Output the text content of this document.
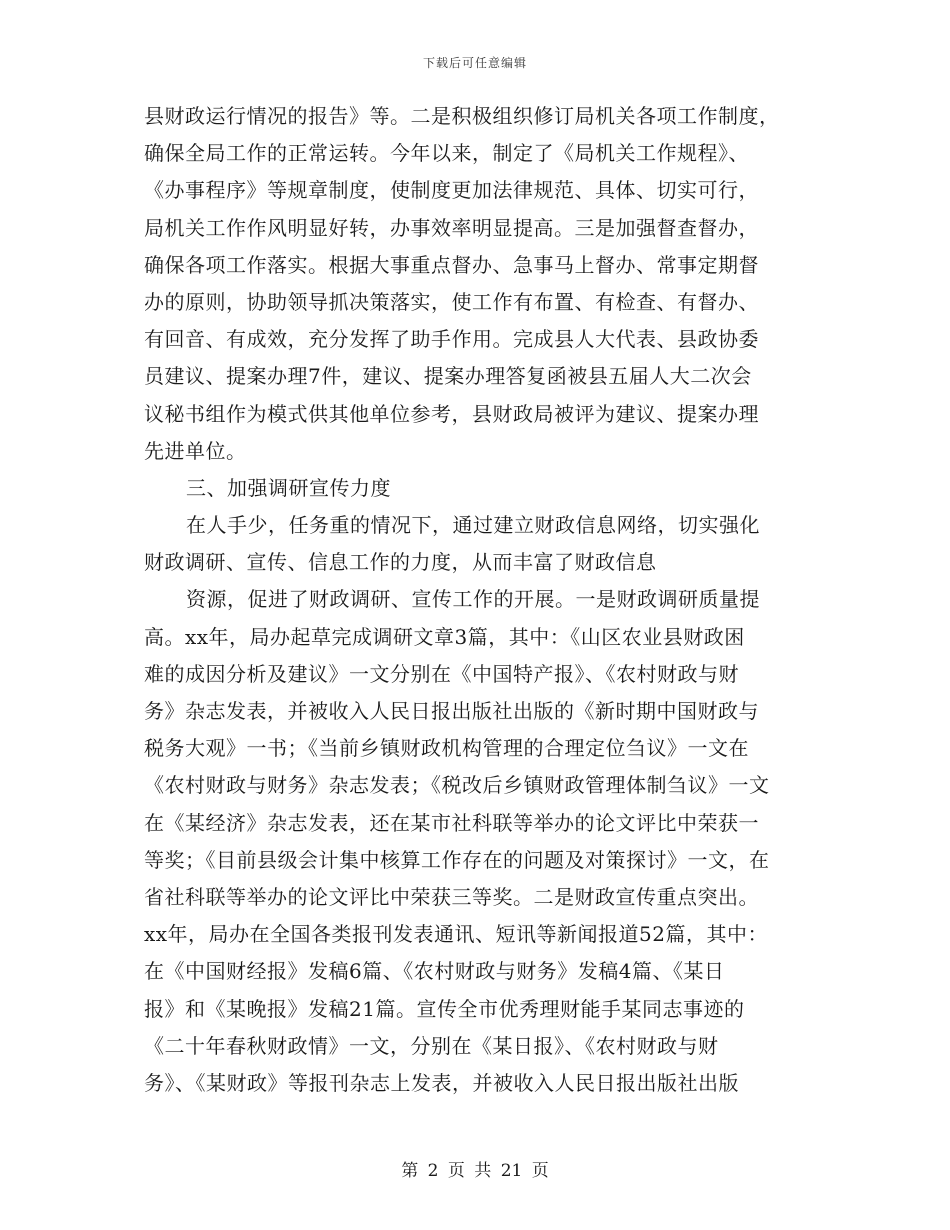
下载后可任意编辑
县财政运行情况的报告》等。二是积极组织修订局机关各项工作制度，
确保全局工作的正常运转。今年以来，制定了《局机关工作规程》、
《办事程序》等规章制度，使制度更加法律规范、具体、切实可行，
局机关工作作风明显好转，办事效率明显提高。三是加强督查督办，
确保各项工作落实。根据大事重点督办、急事马上督办、常事定期督
办的原则，协助领导抓决策落实，使工作有布置、有检查、有督办、
有回音、有成效，充分发挥了助手作用。完成县人大代表、县政协委
员建议、提案办理7件，建议、提案办理答复函被县五届人大二次会
议秘书组作为模式供其他单位参考，县财政局被评为建议、提案办理
先进单位。
三、加强调研宣传力度
在人手少，任务重的情况下，通过建立财政信息网络，切实强化
财政调研、宣传、信息工作的力度，从而丰富了财政信息
资源，促进了财政调研、宣传工作的开展。一是财政调研质量提
高。xx年，局办起草完成调研文章3篇，其中：《山区农业县财政困
难的成因分析及建议》一文分别在《中国特产报》、《农村财政与财
务》杂志发表，并被收入人民日报出版社出版的《新时期中国财政与
税务大观》一书；《当前乡镇财政机构管理的合理定位刍议》一文在
《农村财政与财务》杂志发表；《税改后乡镇财政管理体制刍议》一文
在《某经济》杂志发表，还在某市社科联等举办的论文评比中荣获一
等奖；《目前县级会计集中核算工作存在的问题及对策探讨》一文，在
省社科联等举办的论文评比中荣获三等奖。二是财政宣传重点突出。
xx年，局办在全国各类报刊发表通讯、短讯等新闻报道52篇，其中：
在《中国财经报》发稿6篇、《农村财政与财务》发稿4篇、《某日
报》和《某晚报》发稿21篇。宣传全市优秀理财能手某同志事迹的
《二十年春秋财政情》一文，分别在《某日报》、《农村财政与财
务》、《某财政》等报刊杂志上发表，并被收入人民日报出版社出版
第 2 页 共 21 页
